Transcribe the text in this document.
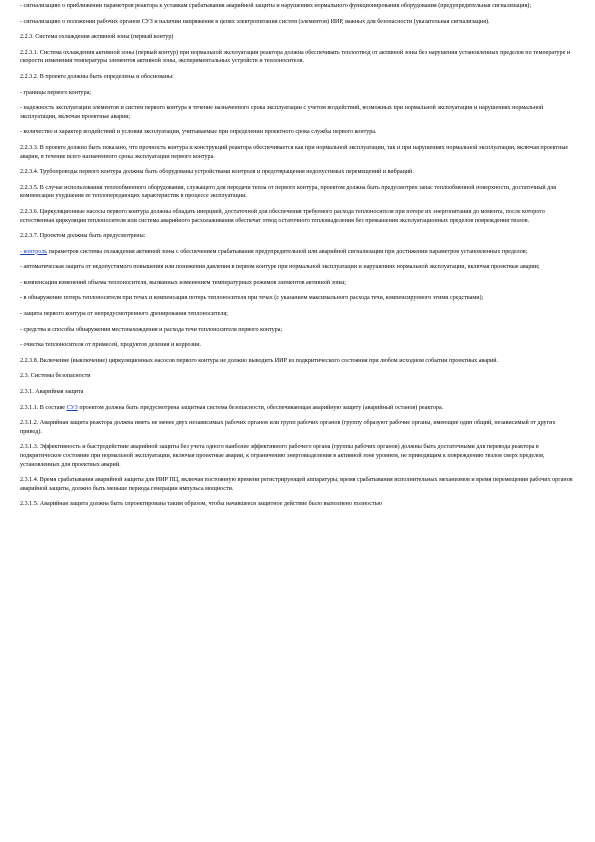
- сигнализацию о приближении параметров реактора к уставкам срабатывания аварийной защиты и нарушениях нормального функционирования оборудования (предупредительная сигнализация);

- сигнализацию о положении рабочих органов СУЗ и наличии напряжения в цепях электропитания систем (элементов) ИИР, важных для безопасности (указательная сигнализация).

2.2.3. Система охлаждения активной зоны (первый контур)

2.2.3.1. Система охлаждения активной зоны (первый контур) при нормальной эксплуатации реактора должна обеспечивать теплоотвод от активной зоны без нарушения установленных пределов по температуре и скорости изменения температуры элементов активной зоны, экспериментальных устройств и теплоносителя.

2.2.3.2. В проекте должны быть определены и обоснованы:

- границы первого контура;

- надежность эксплуатации элементов и систем первого контура в течение назначенного срока эксплуатации с учетом воздействий, возможных при нормальной эксплуатации и нарушениях нормальной эксплуатации, включая проектные аварии;

- количество и характер воздействий и условия эксплуатации, учитываемые при определении проектного срока службы первого контура.

2.2.3.3. В проекте должно быть показано, что прочность контура и конструкций реактора обеспечивается как при нормальной эксплуатации, так и при нарушениях нормальной эксплуатации, включая проектные аварии, в течение всего назначенного срока эксплуатации первого контура.

2.2.3.4. Трубопроводы первого контура должны быть оборудованы устройствами контроля и предотвращения недопустимых перемещений и вибраций.

2.2.3.5. В случае использования теплообменного оборудования, служащего для передачи тепла от первого контура, проектом должна быть предусмотрен запас теплообменной поверхности, достаточный для компенсации ухудшения ее теплопередающих характеристик в процессе эксплуатации.

2.2.3.6. Циркуляционные насосы первого контура должны обладать инерцией, достаточной для обеспечения требуемого расхода теплоносителя при потере их энергопитания до момента, после которого естественная циркуляция теплоносителя или система аварийного расхолаживания обеспечат отвод остаточного тепловыделения без превышения эксплуатационных пределов повреждения твэлов.

2.2.3.7. Проектом должны быть предусмотрены:

- контроль параметров системы охлаждения активной зоны с обеспечением срабатывания предупредительной или аварийной сигнализации при достижении параметров установленных пределов;

- автоматическая защита от недопустимого повышения или понижения давления в первом контуре при нормальной эксплуатации и нарушениях нормальной эксплуатации, включая проектные аварии;

- компенсация изменений объема теплоносителя, вызванных изменением температурных режимов элементов активной зоны;

- в обнаружение потерь теплоносителя при течах и компенсация потерь теплоносителя при течах (с указанием максимального расхода течи, компенсируемого этими средствами);

- защита первого контура от непредусмотренного дренирования теплоносителя;

- средства и способы обнаружения местонахождения и расхода течи теплоносителя первого контура;

- очистка теплоносителя от примесей, продуктов деления и коррозии.

2.2.3.8. Включение (выключение) циркуляционных насосов первого контура не должно выводить ИИР из подкритического состояния при любом исходном событии проектных аварий.

2.3. Системы безопасности

2.3.1. Аварийная защита

2.3.1.1. В составе СУЗ проектом должна быть предусмотрена защитная система безопасности, обеспечивающая аварийную защиту (аварийный останов) реактора.

2.3.1.2. Аварийная защита реактора должна иметь не менее двух независимых рабочих органов или групп рабочих органов (группу образуют рабочие органы, имеющие один общий, независимый от других привод).

2.3.1.3. Эффективность и быстродействие аварийной защиты без учета одного наиболее эффективного рабочего органа (группы рабочих органов) должны быть достаточными для перевода реактора в подкритическое состояние при нормальной эксплуатации, включая проектные аварии, к ограничению энерговыделения в активной зоне уровнем, не приводящим к повреждению твэлов сверх пределов, установленных для проектных аварий.

2.3.1.4. Время срабатывания аварийной защиты для ИИР ПЦ, включая постоянную времени регистрирующей аппаратуры, время срабатывания исполнительных механизмов и время перемещения рабочих органов аварийной защиты, должно быть меньше периода генерации импульса мощности.

2.3.1.5. Аварийная защита должна быть спроектирована таким образом, чтобы начавшееся защитное действие было выполнено полностью
